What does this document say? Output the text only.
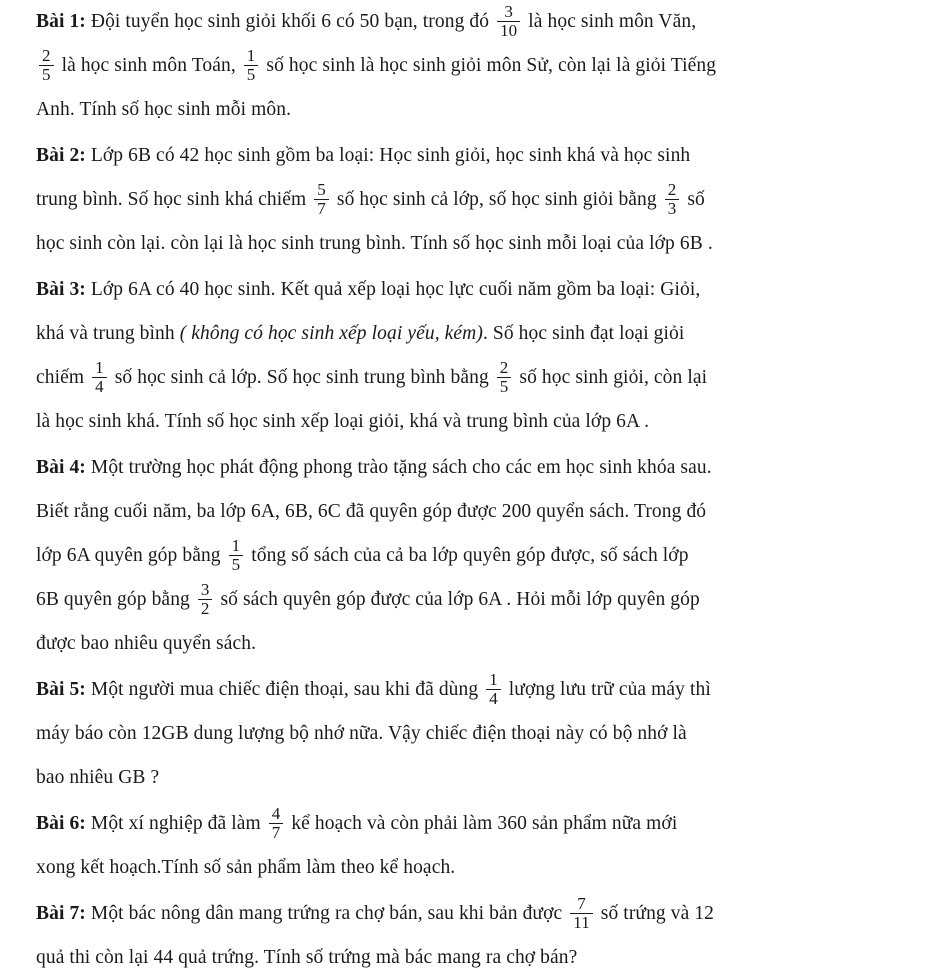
Bài 1: Đội tuyển học sinh giỏi khối 6 có 50 bạn, trong đó $\frac{3}{10}$ là học sinh môn Văn,
$\frac{2}{5}$ là học sinh môn Toán, $\frac{1}{5}$ số học sinh là học sinh giỏi môn Sử, còn lại là giỏi Tiếng
Anh. Tính số học sinh mỗi môn.
Bài 2: Lớp 6B có 42 học sinh gồm ba loại: Học sinh giỏi, học sinh khá và học sinh
trung bình. Số học sinh khá chiếm $\frac{5}{7}$ số học sinh cả lớp, số học sinh giỏi bằng $\frac{2}{3}$ số
học sinh còn lại. còn lại là học sinh trung bình. Tính số học sinh mỗi loại của lớp 6B .
Bài 3: Lớp 6A có 40 học sinh. Kết quả xếp loại học lực cuối năm gồm ba loại: Giỏi,
khá và trung bình ( không có học sinh xếp loại yếu, kém). Số học sinh đạt loại giỏi
chiếm $\frac{1}{4}$ số học sinh cả lớp. Số học sinh trung bình bằng $\frac{2}{5}$ số học sinh giỏi, còn lại
là học sinh khá. Tính số học sinh xếp loại giỏi, khá và trung bình của lớp 6A .
Bài 4: Một trường học phát động phong trào tặng sách cho các em học sinh khóa sau.
Biết rằng cuối năm, ba lớp 6A, 6B, 6C đã quyên góp được 200 quyển sách. Trong đó
lớp 6A quyên góp bằng $\frac{1}{5}$ tổng số sách của cả ba lớp quyên góp được, số sách lớp
6B quyên góp bằng $\frac{3}{2}$ số sách quyên góp được của lớp 6A . Hỏi mỗi lớp quyên góp
được bao nhiêu quyển sách.
Bài 5: Một người mua chiếc điện thoại, sau khi đã dùng $\frac{1}{4}$ lượng lưu trữ của máy thì
máy báo còn 12GB dung lượng bộ nhớ nữa. Vậy chiếc điện thoại này có bộ nhớ là
bao nhiêu GB ?
Bài 6: Một xí nghiệp đã làm $\frac{4}{7}$ kể hoạch và còn phải làm 360 sản phẩm nữa mới
xong kết hoạch.Tính số sản phẩm làm theo kể hoạch.
Bài 7: Một bác nông dân mang trứng ra chợ bán, sau khi bản được $\frac{7}{11}$ số trứng và 12
quả thi còn lại 44 quả trứng. Tính số trứng mà bác mang ra chợ bán?
